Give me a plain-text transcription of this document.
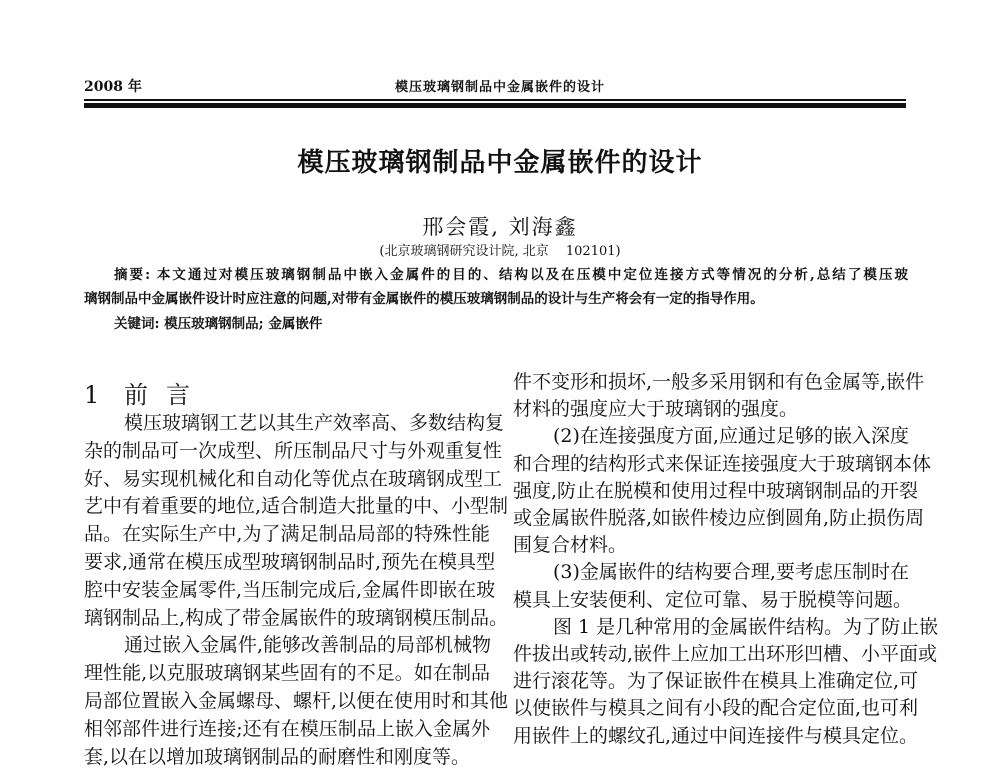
2008 年	模压玻璃钢制品中金属嵌件的设计
模压玻璃钢制品中金属嵌件的设计
邢会霞, 刘海鑫
(北京玻璃钢研究设计院, 北京　 102101)
摘要: 本文通过对模压玻璃钢制品中嵌入金属件的目的、结构以及在压模中定位连接方式等情况的分析,总结了模压玻
璃钢制品中金属嵌件设计时应注意的问题,对带有金属嵌件的模压玻璃钢制品的设计与生产将会有一定的指导作用。
关键词: 模压玻璃钢制品; 金属嵌件
1 前言
模压玻璃钢工艺以其生产效率高、多数结构复
杂的制品可一次成型、所压制品尺寸与外观重复性
好、易实现机械化和自动化等优点在玻璃钢成型工
艺中有着重要的地位,适合制造大批量的中、小型制
品。在实际生产中,为了满足制品局部的特殊性能
要求,通常在模压成型玻璃钢制品时,预先在模具型
腔中安装金属零件,当压制完成后,金属件即嵌在玻
璃钢制品上,构成了带金属嵌件的玻璃钢模压制品。
通过嵌入金属件,能够改善制品的局部机械物
理性能,以克服玻璃钢某些固有的不足。如在制品
局部位置嵌入金属螺母、螺杆,以便在使用时和其他
相邻部件进行连接;还有在模压制品上嵌入金属外
套,以在以增加玻璃钢制品的耐磨性和刚度等。
件不变形和损坏,一般多采用钢和有色金属等,嵌件
材料的强度应大于玻璃钢的强度。
(2)在连接强度方面,应通过足够的嵌入深度
和合理的结构形式来保证连接强度大于玻璃钢本体
强度,防止在脱模和使用过程中玻璃钢制品的开裂
或金属嵌件脱落,如嵌件棱边应倒圆角,防止损伤周
围复合材料。
(3)金属嵌件的结构要合理,要考虑压制时在
模具上安装便利、定位可靠、易于脱模等问题。
图 1 是几种常用的金属嵌件结构。为了防止嵌
件拔出或转动,嵌件上应加工出环形凹槽、小平面或
进行滚花等。为了保证嵌件在模具上准确定位,可
以使嵌件与模具之间有小段的配合定位面,也可利
用嵌件上的螺纹孔,通过中间连接件与模具定位。
